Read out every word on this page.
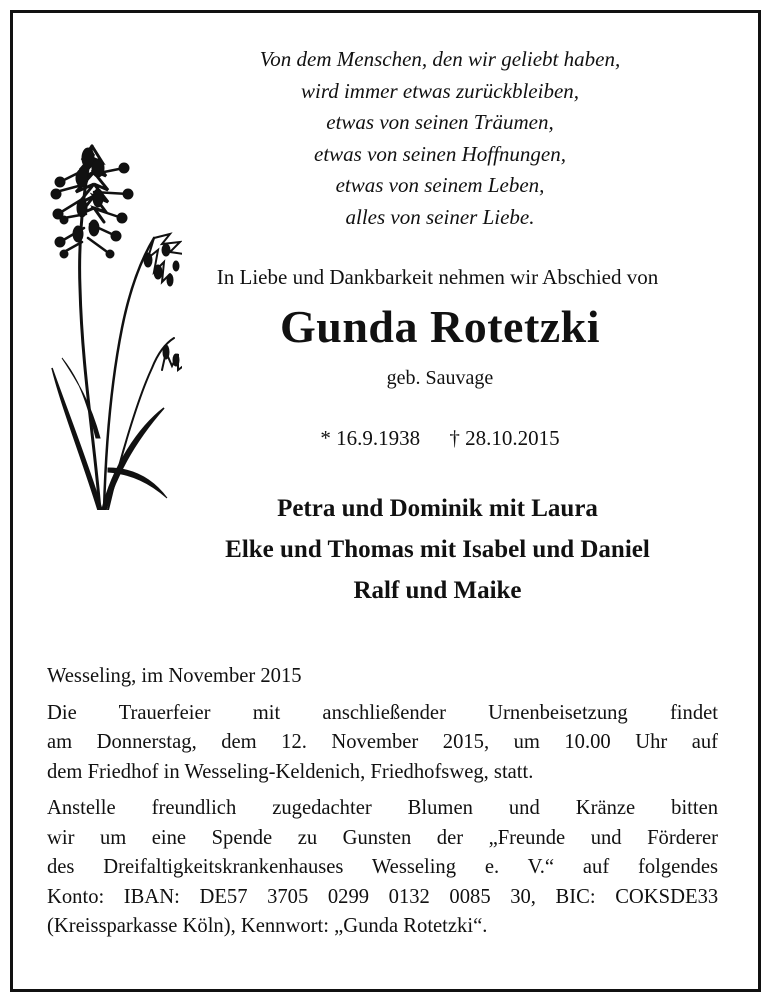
Von dem Menschen, den wir geliebt haben,
wird immer etwas zurückbleiben,
etwas von seinen Träumen,
etwas von seinen Hoffnungen,
etwas von seinem Leben,
alles von seiner Liebe.
In Liebe und Dankbarkeit nehmen wir Abschied von
Gunda Rotetzki
geb. Sauvage
* 16.9.1938 † 28.10.2015
Petra und Dominik mit Laura
Elke und Thomas mit Isabel und Daniel
Ralf und Maike
Wesseling, im November 2015
Die Trauerfeier mit anschließender Urnenbeisetzung findet
am Donnerstag, dem 12. November 2015, um 10.00 Uhr auf
dem Friedhof in Wesseling-Keldenich, Friedhofsweg, statt.
Anstelle freundlich zugedachter Blumen und Kränze bitten
wir um eine Spende zu Gunsten der „Freunde und Förderer
des Dreifaltigkeitskrankenhauses Wesseling e. V.“ auf folgendes
Konto: IBAN: DE57 3705 0299 0132 0085 30, BIC: COKSDE33
(Kreissparkasse Köln), Kennwort: „Gunda Rotetzki“.
